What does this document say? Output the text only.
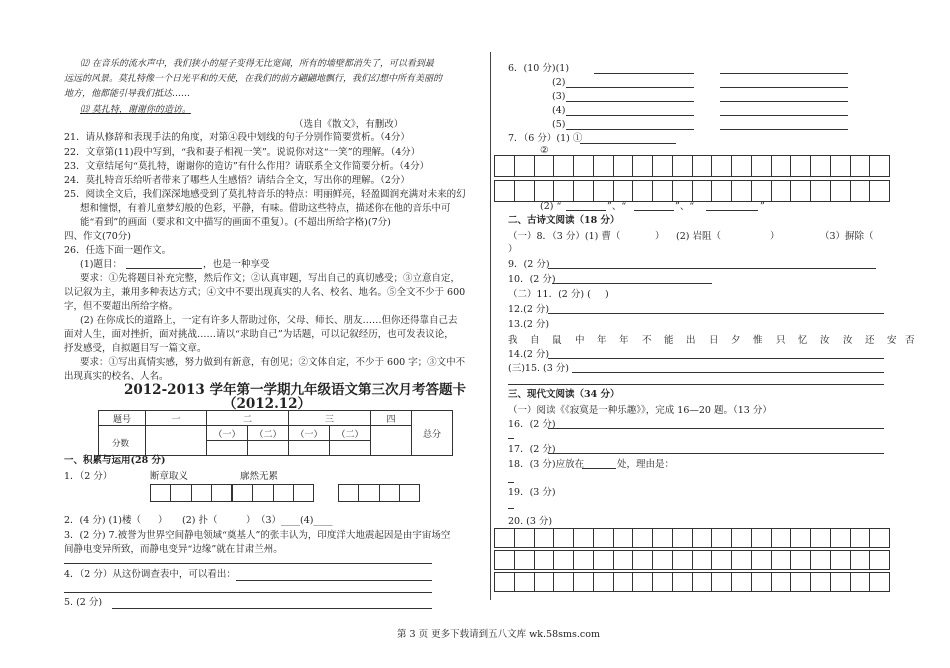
⑿ 在音乐的流水声中，我们狭小的屋子变得无比宽阔，所有的墙壁都消失了，可以看到最
远远的风景。莫扎特像一个日光平和的天使，在我们的前方翩翩地飘行，我们幻想中所有美丽的
地方，他都能引导我们抵达……
⒀ 莫扎特，谢谢你的造访。
（选自《散文》，有删改）
21．请从修辞和表现手法的角度，对第④段中划线的句子分别作简要赏析。（4分）
22．文章第(11)段中写到，“我和妻子相视一笑”。说说你对这“一笑”的理解。（4分）
23．文章结尾句“莫扎特，谢谢你的造访”有什么作用？请联系全文作简要分析。（4分）
24．莫扎特音乐给听者带来了哪些人生感悟？请结合全文，写出你的理解。（2分）
25．阅读全文后，我们深深地感受到了莫扎特音乐的特点：明丽鲜亮，轻盈圆润充满对未来的幻
想和憧憬，有着儿童梦幻般的色彩，平静，有味。借助这些特点，描述你在他的音乐中可
能“看到”的画面（要求和文中描写的画面不重复）。(不超出所给字格)(7分)
四、作文(70分)
26．任选下面一题作文。
(1)题目：	，也是一种享受
要求：①先将题目补充完整，然后作文；②认真审题，写出自己的真切感受；③立意自定，
以记叙为主，兼用多种表达方式；④文中不要出现真实的人名、校名、地名。⑤全文不少于 600
字，但不要超出所给字格。
(2) 在你成长的道路上，一定有许多人帮助过你，父母、师长、朋友……但你还得靠自己去
面对人生，面对挫折，面对挑战……请以“求助自己”为话题，可以记叙经历，也可发表议论，
抒发感受，自拟题目写一篇文章。
要求：①写出真情实感，努力做到有新意，有创见；②文体自定，不少于 600 字；③文中不
出现真实的校名、人名。
2012-2013 学年第一学期九年级语文第三次月考答题卡
（2012.12）
题号	一	二		三		四	总分
		（一）	（二）	（一）	（二）		

分数
一、积累与运用(28 分)
1．（2 分）	断章取义	廓然无累
2．(4 分) (1)楼（ ） (2) 扑（	） （3）____ (4)____
3．(2 分) 7.被誉为世界空间静电领域“奠基人”的张丰认为，印度洋大地震起因是由宇宙场空
间静电变异所致，而静电变异“边缘”就在甘肃兰州。
4．（2 分）从这份调查表中，可以看出：
5. (2 分)
6．(10 分)(1)
(2)
(3)
(4)
(5)
7．（6 分）(1) ①
②
(2) “	”、“	”、“	”
二、古诗文阅读（18 分）
（一）8．（3 分）(1) 曹（	） (2) 岩阻（	）	（3）摒除（
）
9．(2 分)
10．(2 分)
（二）11．(2 分) ( )
12.(2 分)
13.(2 分)
我 自 鼠 中 年 年 不 能 出 日 夕 惟 只 忆 汝 汝 还 安 否
14.(2 分)
(三)15. (3 分)
三、现代文阅读（34 分）
（一）阅读《《寂寞是一种乐趣》》，完成 16—20 题。（13 分）
16．(2 分)
17．(2 分)
18．(3 分)应放在	处，理由是：
19．(3 分)
20. (3 分)
第 3 页 更多下载请到五八文库 wk.58sms.com
